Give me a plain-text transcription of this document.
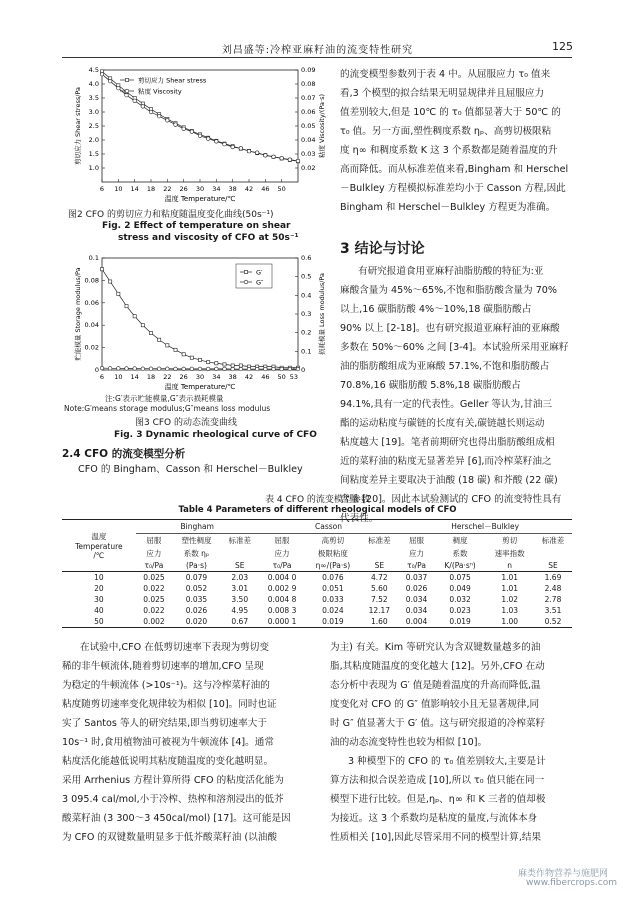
刘昌盛等:冷榨亚麻籽油的流变特性研究	125
6 10 14 18 22 26 30 34 38 42 46 50
1.0
1.5
2.0
2.5
3.0
3.5
4.0
4.5
0.02
0.03
0.04
0.05
0.06
0.07
0.08
0.09
温度 Temperature/℃
剪切应力 Shear stress/Pa	粘度 Viscosity/(Pa·s)
剪切应力 Shear stress
粘度 Viscosity
图2 CFO 的剪切应力和粘度随温度变化曲线(50s⁻¹)
Fig. 2 Effect of temperature on shear
stress and viscosity of CFO at 50s⁻¹
6 10 14 18 22 26 30 34 38 42 46 50 53
0
0.02
0.04
0.06
0.08
0.1
0
0.1
0.2
0.3
0.4
0.5
0.6
温度 Temperature/℃
贮能模量 Storage modulus/Pa	损耗模量 Loss modulus/Pa
G′
G″
注:G′表示贮能模量,G″表示损耗模量
Note:G′means storage modulus;G″means loss modulus
图3 CFO 的动态流变曲线
Fig. 3 Dynamic rheological curve of CFO
2.4 CFO 的流变模型分析
CFO 的 Bingham、Casson 和 Herschel－Bulkley
的流变模型参数列于表 4 中。从屈服应力 τ₀ 值来
看,3 个模型的拟合结果无明显规律并且屈服应力
值差别较大,但是 10℃ 的 τ₀ 值都显著大于 50℃ 的
τ₀ 值。另一方面,塑性稠度系数 ηₚ、高剪切极限粘
度 η∞ 和稠度系数 K 这 3 个系数都是随着温度的升
高而降低。而从标准差值来看,Bingham 和 Herschel
－Bulkley 方程模拟标准差均小于 Casson 方程,因此
Bingham 和 Herschel－Bulkley 方程更为准确。
3 结论与讨论
有研究报道食用亚麻籽油脂肪酸的特征为:亚
麻酸含量为 45%～65%,不饱和脂肪酸含量为 70%
以上,16 碳脂肪酸 4%～10%,18 碳脂肪酸占
90% 以上 [2-18]。也有研究报道亚麻籽油的亚麻酸
多数在 50%～60% 之间 [3-4]。本试验所采用亚麻籽
油的脂肪酸组成为亚麻酸 57.1%,不饱和脂肪酸占
70.8%,16 碳脂肪酸 5.8%,18 碳脂肪酸占
94.1%,具有一定的代表性。Geller 等认为,甘油三
酯的运动粘度与碳链的长度有关,碳链越长则运动
粘度越大 [19]。笔者前期研究也得出脂肪酸组成相
近的菜籽油的粘度无显著差异 [6],而冷榨菜籽油之
间粘度差异主要取决于油酸 (18 碳) 和芥酸 (22 碳)
含量 [20]。因此本试验测试的 CFO 的流变特性具有
表 4 CFO 的流变模型参数
Table 4 Parameters of different rheological models of CFO
温度
Temperature
/℃	Bingham			Casson			Herschel－Bulkley			
	屈服	塑性稠度	标准差	屈服	高剪切	标准差	屈服	稠度	剪切	标准差
	应力	系数 ηₚ		应力	极限粘度		应力	系数	速率指数	
	τ₀/Pa	(Pa·s)	SE	τ₀/Pa	η∞/(Pa·s)	SE	τ₀/Pa	K/(Pa·sⁿ)	n	SE
10	0.025	0.079	2.03	0.004 0	0.076	4.72	0.037	0.075	1.01	1.69
20	0.022	0.052	3.01	0.002 9	0.051	5.60	0.026	0.049	1.01	2.48
30	0.025	0.035	3.50	0.004 8	0.033	7.52	0.034	0.032	1.02	2.78
40	0.022	0.026	4.95	0.008 3	0.024	12.17	0.034	0.023	1.03	3.51
50	0.002	0.020	0.67	0.000 1	0.019	1.60	0.004	0.019	1.00	0.52
在试验中,CFO 在低剪切速率下表现为剪切变
稀的非牛顿流体,随着剪切速率的增加,CFO 呈现
为稳定的牛顿流体 (>10s⁻¹)。这与冷榨菜籽油的
粘度随剪切速率变化规律较为相似 [10]。同时也证
实了 Santos 等人的研究结果,即当剪切速率大于
10s⁻¹ 时,食用植物油可被视为牛顿流体 [4]。通常
粘度活化能越低说明其粘度随温度的变化越明显。
采用 Arrhenius 方程计算所得 CFO 的粘度活化能为
3 095.4 cal/mol,小于冷榨、热榨和溶剂浸出的低芥
酸菜籽油 (3 300～3 450cal/mol) [17]。这可能是因
为 CFO 的双键数量明显多于低芥酸菜籽油 (以油酸
为主) 有关。Kim 等研究认为含双键数量越多的油
脂,其粘度随温度的变化越大 [12]。另外,CFO 在动
态分析中表现为 G′ 值是随着温度的升高而降低,温
度变化对 CFO 的 G″ 值影响较小且无显著规律,同
时 G″ 值显著大于 G′ 值。这与研究报道的冷榨菜籽
油的动态流变特性也较为相似 [10]。
3 种模型下的 CFO 的 τ₀ 值差别较大,主要是计
算方法和拟合误差造成 [10],所以 τ₀ 值只能在同一
模型下进行比较。但是,ηₚ、η∞ 和 K 三者的值却极
为接近。这 3 个系数均是粘度的量度,与流体本身
性质相关 [10],因此尽管采用不同的模型计算,结果
麻类作物营养与施肥网
www.fibercrops.com
